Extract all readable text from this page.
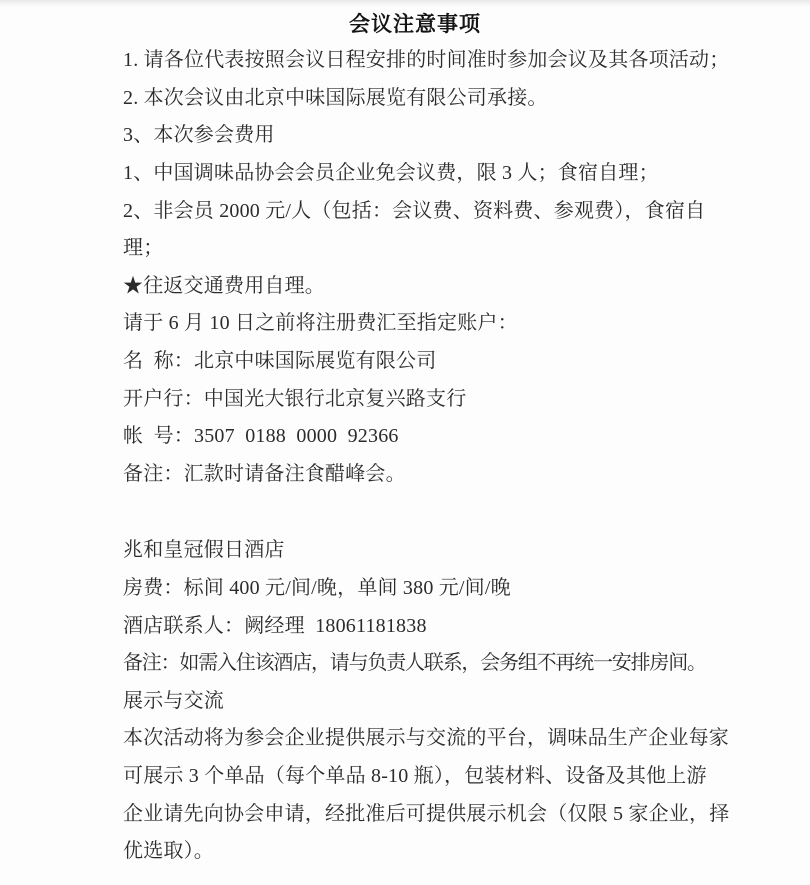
会议注意事项
1. 请各位代表按照会议日程安排的时间准时参加会议及其各项活动；
2. 本次会议由北京中味国际展览有限公司承接。
3、本次参会费用
1、中国调味品协会会员企业免会议费，限 3 人；食宿自理；
2、非会员 2000 元/人（包括：会议费、资料费、参观费），食宿自
理；
★往返交通费用自理。
请于 6 月 10 日之前将注册费汇至指定账户：
名  称：北京中味国际展览有限公司
开户行：中国光大银行北京复兴路支行
帐  号：3507  0188  0000  92366
备注：汇款时请备注食醋峰会。
兆和皇冠假日酒店
房费：标间 400 元/间/晚，单间 380 元/间/晚
酒店联系人：阙经理  18061181838
备注：如需入住该酒店，请与负责人联系，会务组不再统一安排房间。
展示与交流
本次活动将为参会企业提供展示与交流的平台，调味品生产企业每家
可展示 3 个单品（每个单品 8-10 瓶），包装材料、设备及其他上游
企业请先向协会申请，经批准后可提供展示机会（仅限 5 家企业，择
优选取）。
